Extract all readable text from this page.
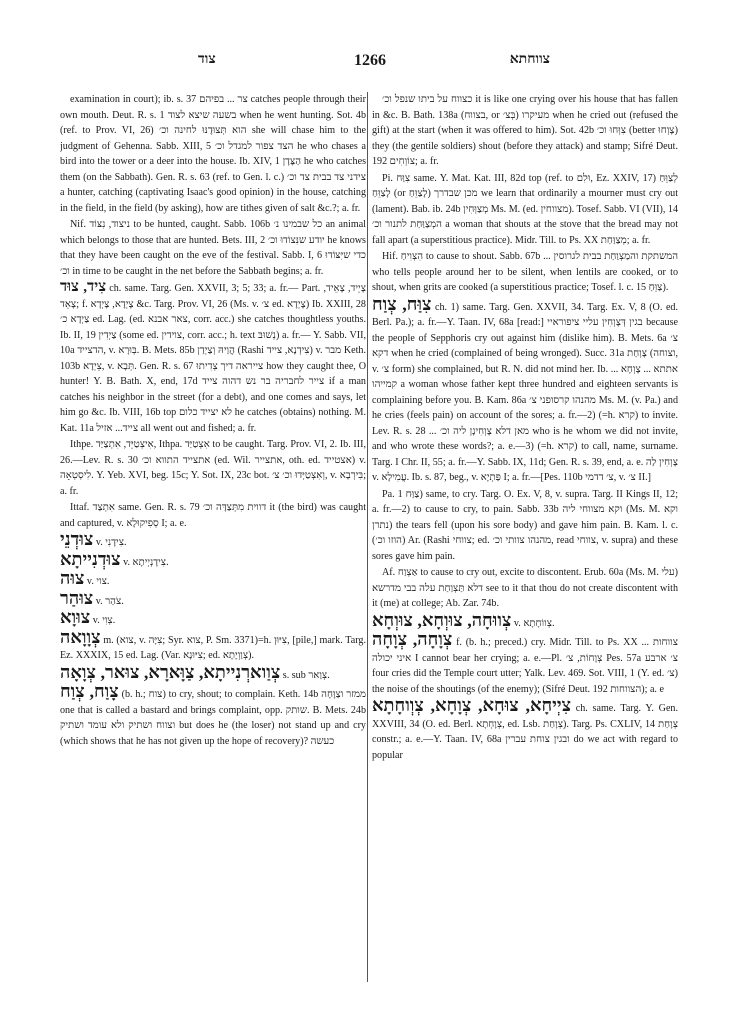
צוד	1266	צווחתא

examination in court); ib. s. 37 צר ... בפיהם catches people through their own mouth. Deut. R. s. 1 בשעה שיצא לצוד when he went hunting. Sot. 4b (ref. to Prov. VI, 26) הוא תְּצוּדֶנּוּ לחינה וכ׳ she will chase him to the judgment of Gehenna. Sabb. XIII, 5 הצד צפור למגדל וכ׳ he who chases a bird into the tower or a deer into the house. Ib. XIV, 1 הַצָּדָן he who catches them (on the Sabbath). Gen. R. s. 63 (ref. to Gen. l. c.) צידני צד בבית צד וכ׳ a hunter, catching (captivating Isaac's good opinion) in the house, catching in the field, in the field (by asking), how are tithes given of salt &c.?; a. fr.

Nif. ניצוד, נִצּוֹד to be hunted, caught. Sabb. 106b כל שבמינו נ׳ an animal which belongs to those that are hunted. Bets. III, 2 יודע שנִּצוֹדוּ וכ׳ he knows that they have been caught on the eve of the festival. Sabb. I, 6 כדי שיִּצּוֹדוּ וכ׳ in time to be caught in the net before the Sabbath begins; a. fr.

צִיד, צוּד ch. same. Targ. Gen. XXVII, 3; 5; 33; a. fr.— Part. צָיֵיד, צָאֵיד, צָאֵד; f. צָיְדָא, צָיְדָא &c. Targ. Prov. VI, 26 (Ms. v. צ׳ ed. צָיְדָא) Ib. XXIII, 28 צַיְדָא כ׳ ed. Lag. (ed. צאר אבנא, corr. acc.) she catches thoughtless youths. Ib. II, 19 צַיְדִין (some ed. צוידין, corr. acc.; h. text נְשׁוּבּ) a. fr.— Y. Sabb. VII, 10a הדצייד, v. בְּוּרָא. B. Mets. 85b הֲוַיהּ וְצַיְדַן (Rashi צִידְנָא, צייד) v. מבר Keth. 103b צֵיְדָא, v. תְּבָא. Gen. R. s. 67 צייראה דיך צְדִיתוּ how they caught thee, O hunter! Y. B. Bath. X, end, 17d צייר לחבריה בר נש דהוה צייד if a man catches his neighbor in the street (for a debt), and one comes and says, let him go &c. Ib. VIII, 16b top לא יצייד כלום he catches (obtains) nothing. M. Kat. 11a צייד... אזיל all went out and fished; a. fr.

Ithpe. אִיצְטַיֵּד, אִתְצַיַּד, Ithpa. אִצְטַיַּד to be caught. Targ. Prov. VI, 2. Ib. III, 26.—Lev. R. s. 30 אתצייד התווא וכ׳ (ed. Wil. אתצייר, oth. ed. אצטייד) v. לִיסְטְאָה. Y. Yeb. XVI, beg. 15c; Y. Sot. IX, 23c bot. וְאִצְטַיְּדוּ וכ׳ צ׳, v. בִּירְבָא; a. fr.

Ittaf. אִתְצַד same. Gen. R. s. 79 דווית מִתְּצַדָּה וכ׳ it (the bird) was caught and captured, v. סְפִיקוּלָא I; a. e.

צוּדְנֵי v. צִידָנִי.

צוּדְנִייתָא v. צִידָנְיְיתָא.

צוּה v. צוי.

צוּהַר v. צֹהַר.

צוּוָא v. צְוִי.

צְוָוָאה m. (צוא, v. צִיָּה; Syr. צוא, P. Sm. 3371)=h. צִיּוּן, [pile,] mark. Targ. Ez. XXXIX, 15 ed. Lag. (Var. צִיּוּנָא; ed. צְוַוְיָתָא).

צְוַוארְנִייתָא, צַוָּארָא, צוּאר, צְוָאָה s. sub צְוַאר.

צָוַח, צְוַח (b. h.; צוח) to cry, shout; to complain. Keth. 14b ממזר וצַוָּחָה one that is called a bastard and brings complaint, opp. שותק. B. Mets. 24b וצווח ושתיק ולא עומד ושתיק but does he (the loser) not stand up and cry (which shows that he has not given up the hope of recovery)? כעשה

כצווח על ביתו שנפל וכ׳ it is like one crying over his house that has fallen in &c. B. Bath. 138a (בצווח, or בְּצ׳) מעיקרו when he cried out (refused the gift) at the start (when it was offered to him). Sot. 42b צִוְּחוּ וכ׳ (better צָוְחוּ) they (the gentile soldiers) shout (before they attack) and stamp; Sifré Deut. 192 צוֹוְחִים; a. fr.

Pi. צִוַּח same. Y. Mat. Kat. III, 82d top (ref. to וּלִם, Ez. XXIV, 17) לְצַוֵּחַ לָצַוֵּחַ (or לָצַוֵּחַ) מכן שבדרך we learn that ordinarily a mourner must cry out (lament). Bab. ib. 24b מְצַוְּחִין Ms. M. (ed. מצווחין). Tosef. Sabb. VI (VII), 14 המְצַוַּחַת לתנור וכ׳ a woman that shouts at the stove that the bread may not fall apart (a superstitious practice). Midr. Till. to Ps. XX מְצַוַּחַת; a. fr.

Hif. הִצְוִיחַ to cause to shout. Sabb. 67b ... המשתקת והמַצְוַחַת בבית לגרוסין who tells people around her to be silent, when lentils are cooked, or to shout, when grits are cooked (a superstitious practice; Tosef. l. c. 15 צַוֵּחַ).

צִוַּח, צְוַח ch. 1) same. Targ. Gen. XXVII, 34. Targ. Ex. V, 8 (O. ed. Berl. Pa.); a. fr.—Y. Taan. IV, 68a [read:] בגין דְּצָוְחִין עליי ציפוראיי because the people of Sepphoris cry out against him (dislike him). B. Mets. 6a צ׳ דקא when he cried (complained of being wronged). Succ. 31a צָוְחַת (וצוחה, v. צ׳ form) she complained, but R. N. did not mind her. Ib. ... אתתא ... צָוְחָא קמייהו a woman whose father kept three hundred and eighteen servants is complaining before you. B. Kam. 86a מהנהו קרסופני צ׳ Ms. M. (v. Pa.) and he cries (feels pain) on account of the sores; a. fr.—2) (=h. קרא) to invite. Lev. R. s. 28 ... מאן דלא צָוְחִינָן ליה וכ׳ who is he whom we did not invite, and who wrote these words?; a. e.—3) (=h. קרא) to call, name, surname. Targ. I Chr. II, 55; a. fr.—Y. Sabb. IX, 11d; Gen. R. s. 39, end, a. e. צָוְחִין לַה v. עֲמִילָא. Ib. s. 87, beg., v. פַּתְיָא I; a. fr.—[Pes. 110b צ׳ דדמי, v. צ׳ II.]

Pa. צַוַּח 1) same, to cry. Targ. O. Ex. V, 8, v. supra. Targ. II Kings II, 12; a. fr.—2) to cause to cry, to pain. Sabb. 33b וקא מצווחי ליה (Ms. M. וקא נתרן) the tears fell (upon his sore body) and gave him pain. B. Kam. l. c. (הוזו וכ׳) Ar. (Rashi צווחי; ed. מהנהו צוותי וכ׳, read צווחי, v. supra) and these sores gave him pain.

Af. אַצְוַח to cause to cry out, excite to discontent. Erub. 60a (Ms. M. עלי) דלא תַּצְוַחַת עלה בבי מדרשא see to it that thou do not create discontent with it (me) at college; Ab. Zar. 74b.

צְווּחָה, צוּוְחָא, צוּוְחָא v. צְווֹחָתָא.

צְוָחָה, צְוָחָה f. (b. h.; preced.) cry. Midr. Till. to Ps. XX ... צווחות איני יכולה I cannot bear her crying; a. e.—Pl. צְוָחוֹת, צ׳ Pes. 57a צ׳ ארבע four cries did the Temple court utter; Yalk. Lev. 469. Sot. VIII, 1 (Y. ed. צ׳) the noise of the shoutings (of the enemy); (Sifré Deut. 192 הצווחות); a. e

צִיְיחָא, צוּחָא, צְוָחָא, צְוְוחָתָא ch. same. Targ. Y. Gen. XXVIII, 34 (O. ed. Berl. צְוָחְתָא, ed. Lsb. צְוָחַת). Targ. Ps. CXLIV, 14 צְוָחַת constr.; a. e.—Y. Taan. IV, 68a ובגין צוחת עברין do we act with regard to popular
